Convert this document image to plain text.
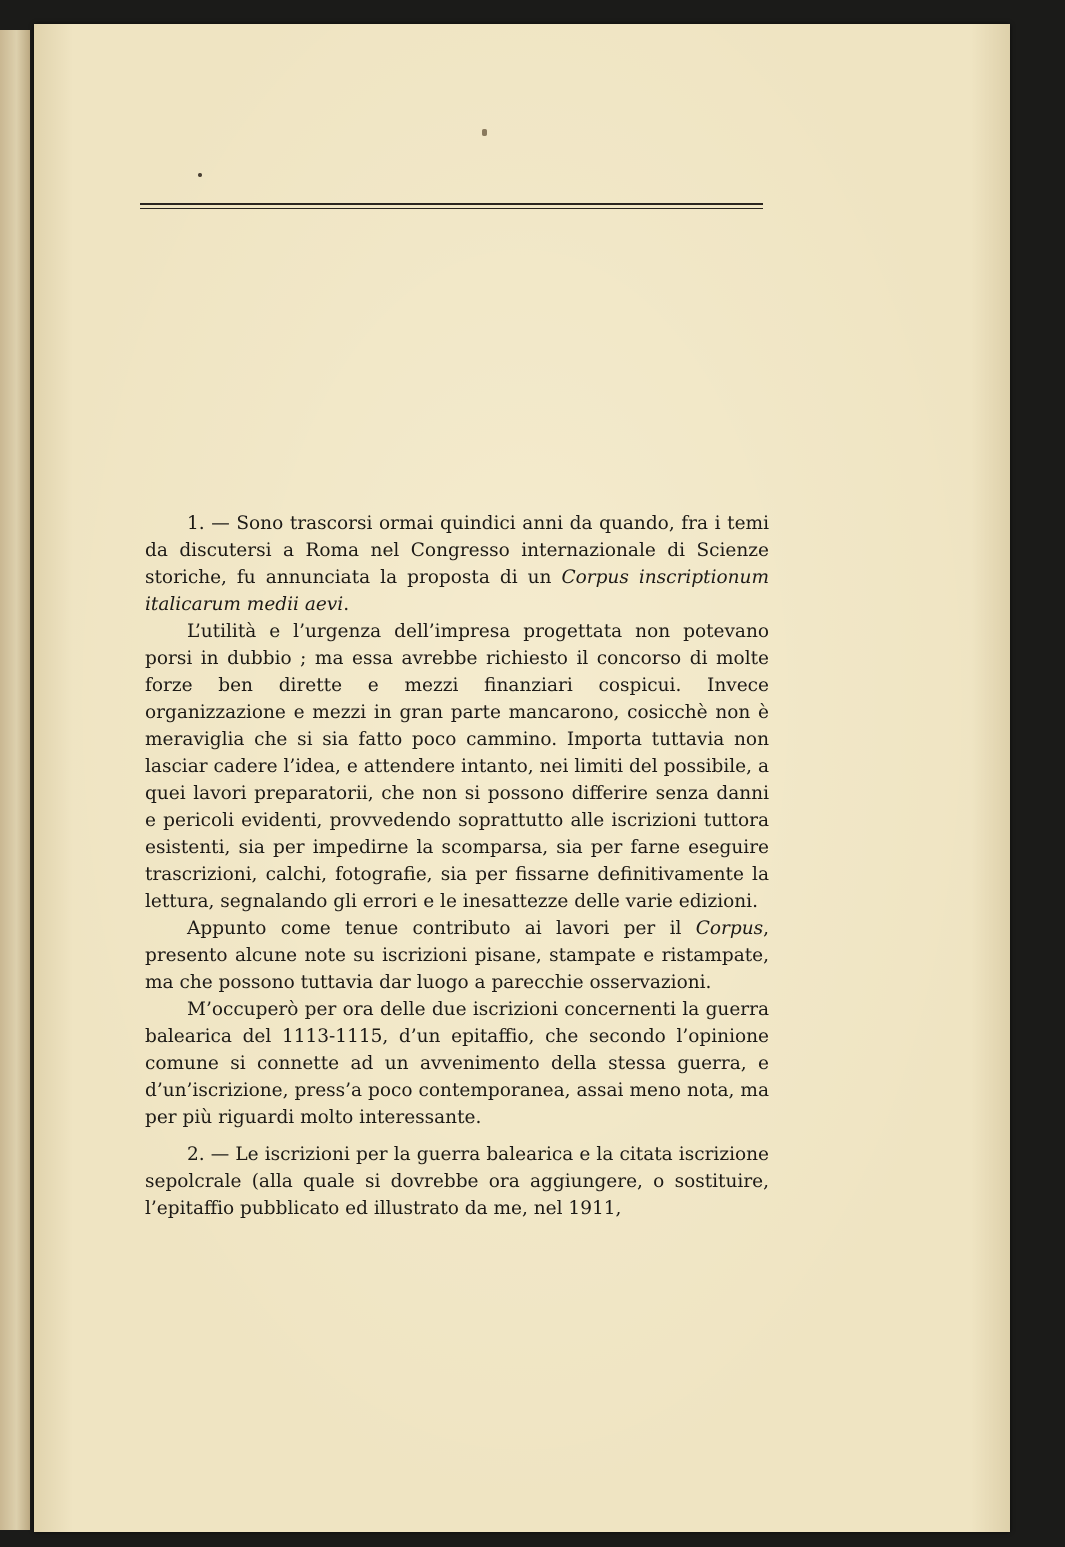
1. — Sono trascorsi ormai quindici anni da quando, fra i temi da discutersi a Roma nel Congresso internazionale di Scienze storiche, fu annunciata la proposta di un Corpus inscriptionum italicarum medii aevi.

L’utilità e l’urgenza dell’impresa progettata non potevano porsi in dubbio ; ma essa avrebbe richiesto il concorso di molte forze ben dirette e mezzi finanziari cospicui. Invece organizzazione e mezzi in gran parte mancarono, cosicchè non è meraviglia che si sia fatto poco cammino. Importa tuttavia non lasciar cadere l’idea, e attendere intanto, nei limiti del possibile, a quei lavori preparatorii, che non si possono differire senza danni e pericoli evidenti, provvedendo soprattutto alle iscrizioni tuttora esistenti, sia per impedirne la scomparsa, sia per farne eseguire trascrizioni, calchi, fotografie, sia per fissarne definitivamente la lettura, segnalando gli errori e le inesattezze delle varie edizioni.

Appunto come tenue contributo ai lavori per il Corpus, presento alcune note su iscrizioni pisane, stampate e ristampate, ma che possono tuttavia dar luogo a parecchie osservazioni.

M’occuperò per ora delle due iscrizioni concernenti la guerra balearica del 1113-1115, d’un epitaffio, che secondo l’opinione comune si connette ad un avvenimento della stessa guerra, e d’un’iscrizione, press’a poco contemporanea, assai meno nota, ma per più riguardi molto interessante.

2. — Le iscrizioni per la guerra balearica e la citata iscrizione sepolcrale (alla quale si dovrebbe ora aggiungere, o sostituire, l’epitaffio pubblicato ed illustrato da me, nel 1911,
